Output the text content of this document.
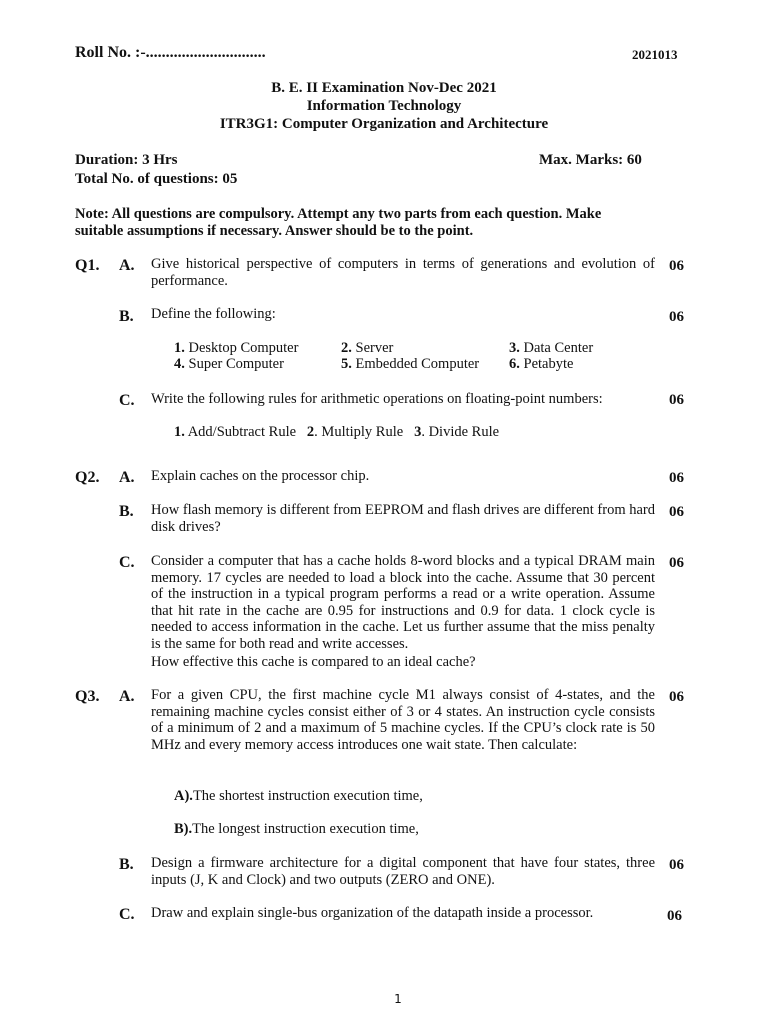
Roll No. :-..............................	2021013
B. E. II Examination Nov-Dec 2021
Information Technology
ITR3G1: Computer Organization and Architecture
Duration: 3 Hrs	Max. Marks: 60
Total No. of questions: 05
Note: All questions are compulsory. Attempt any two parts from each question. Make
suitable assumptions if necessary. Answer should be to the point.
Q1. A. Give historical perspective of computers in terms of generations and evolution of performance.
06
B. Define the following:	06
1. Desktop Computer	2. Server	3. Data Center
4. Super Computer	5. Embedded Computer 6. Petabyte
C. Write the following rules for arithmetic operations on floating-point numbers:	06
1. Add/Subtract Rule 2. Multiply Rule 3. Divide Rule
Q2. A. Explain caches on the processor chip.	06
B. How flash memory is different from EEPROM and flash drives are different from hard disk drives?
06
C. Consider a computer that has a cache holds 8-word blocks and a typical DRAM main memory. 17 cycles are needed to load a block into the cache. Assume that 30 percent of the instruction in a typical program performs a read or a write operation. Assume that hit rate in the cache are 0.95 for instructions and 0.9 for data. 1 clock cycle is needed to access information in the cache. Let us further assume that the miss penalty is the same for both read and write accesses.
How effective this cache is compared to an ideal cache?
06
Q3. A. For a given CPU, the first machine cycle M1 always consist of 4-states, and the remaining machine cycles consist either of 3 or 4 states. An instruction cycle consists of a minimum of 2 and a maximum of 5 machine cycles. If the CPU’s clock rate is 50 MHz and every memory access introduces one wait state. Then calculate:
06
A).The shortest instruction execution time,
B).The longest instruction execution time,
B. Design a firmware architecture for a digital component that have four states, three inputs (J, K and Clock) and two outputs (ZERO and ONE).
06
C. Draw and explain single-bus organization of the datapath inside a processor.	06
1
